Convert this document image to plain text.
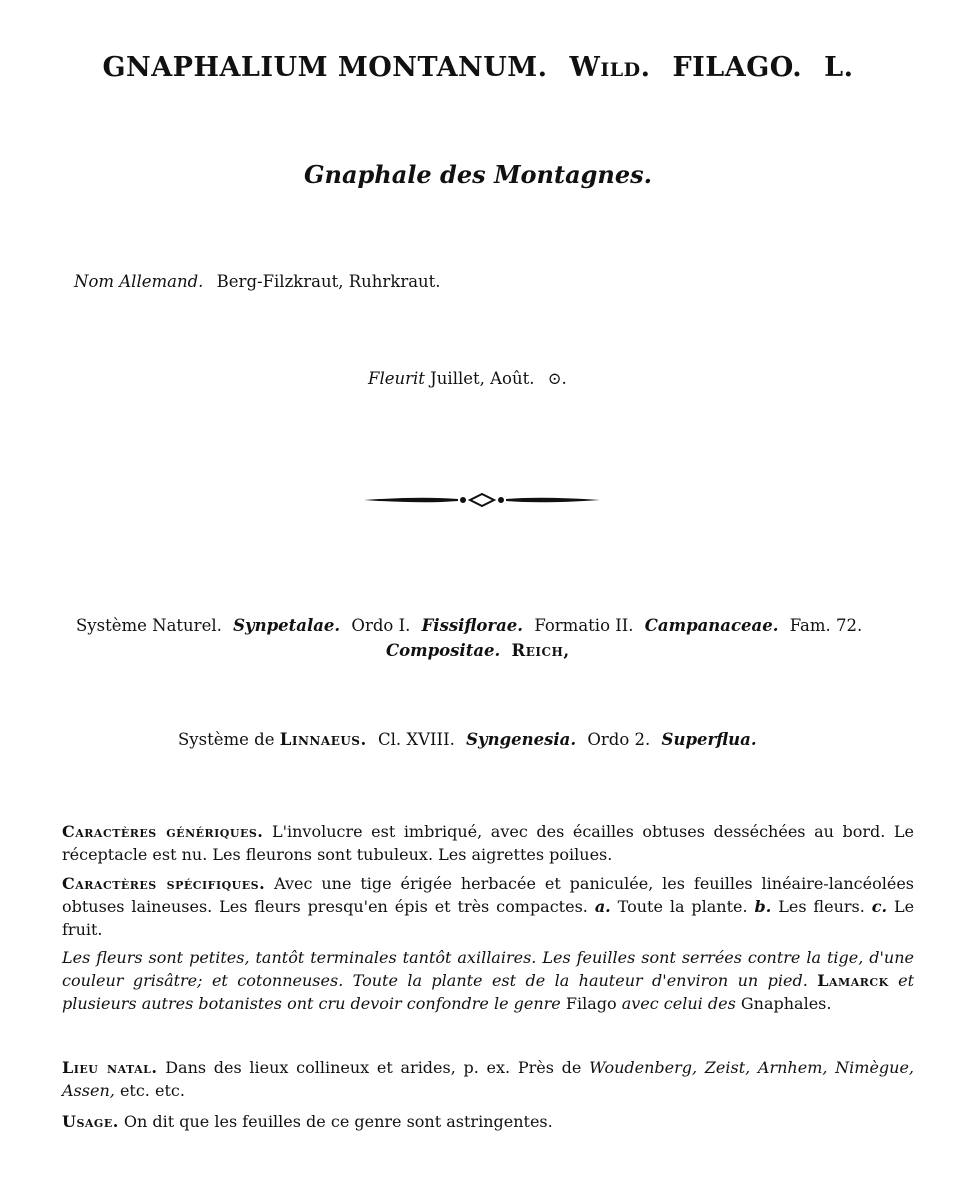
GNAPHALIUM MONTANUM. Wild. FILAGO. L.
Gnaphale des Montagnes.
Nom Allemand. Berg-Filzkraut, Ruhrkraut.
Fleurit Juillet, Août. ⊙.
Système Naturel. Synpetalae. Ordo I. Fissiflorae. Formatio II. Campanaceae. Fam. 72.
Compositae. Reich,
Système de Linnaeus. Cl. XVIII. Syngenesia. Ordo 2. Superflua.
Caractères génériques. L'involucre est imbriqué, avec des écailles obtuses desséchées au bord. Le réceptacle est nu. Les fleurons sont tubuleux. Les aigrettes poilues.
Caractères spécifiques. Avec une tige érigée herbacée et paniculée, les feuilles linéaire-lancéolées obtuses laineuses. Les fleurs presqu'en épis et très compactes. a. Toute la plante. b. Les fleurs. c. Le fruit.
Les fleurs sont petites, tantôt terminales tantôt axillaires. Les feuilles sont serrées contre la tige, d'une couleur grisâtre; et cotonneuses. Toute la plante est de la hauteur d'environ un pied. Lamarck et plusieurs autres botanistes ont cru devoir confondre le genre Filago avec celui des Gnaphales.
Lieu natal. Dans des lieux collineux et arides, p. ex. Près de Woudenberg, Zeist, Arnhem, Nimègue, Assen, etc. etc.
Usage. On dit que les feuilles de ce genre sont astringentes.
